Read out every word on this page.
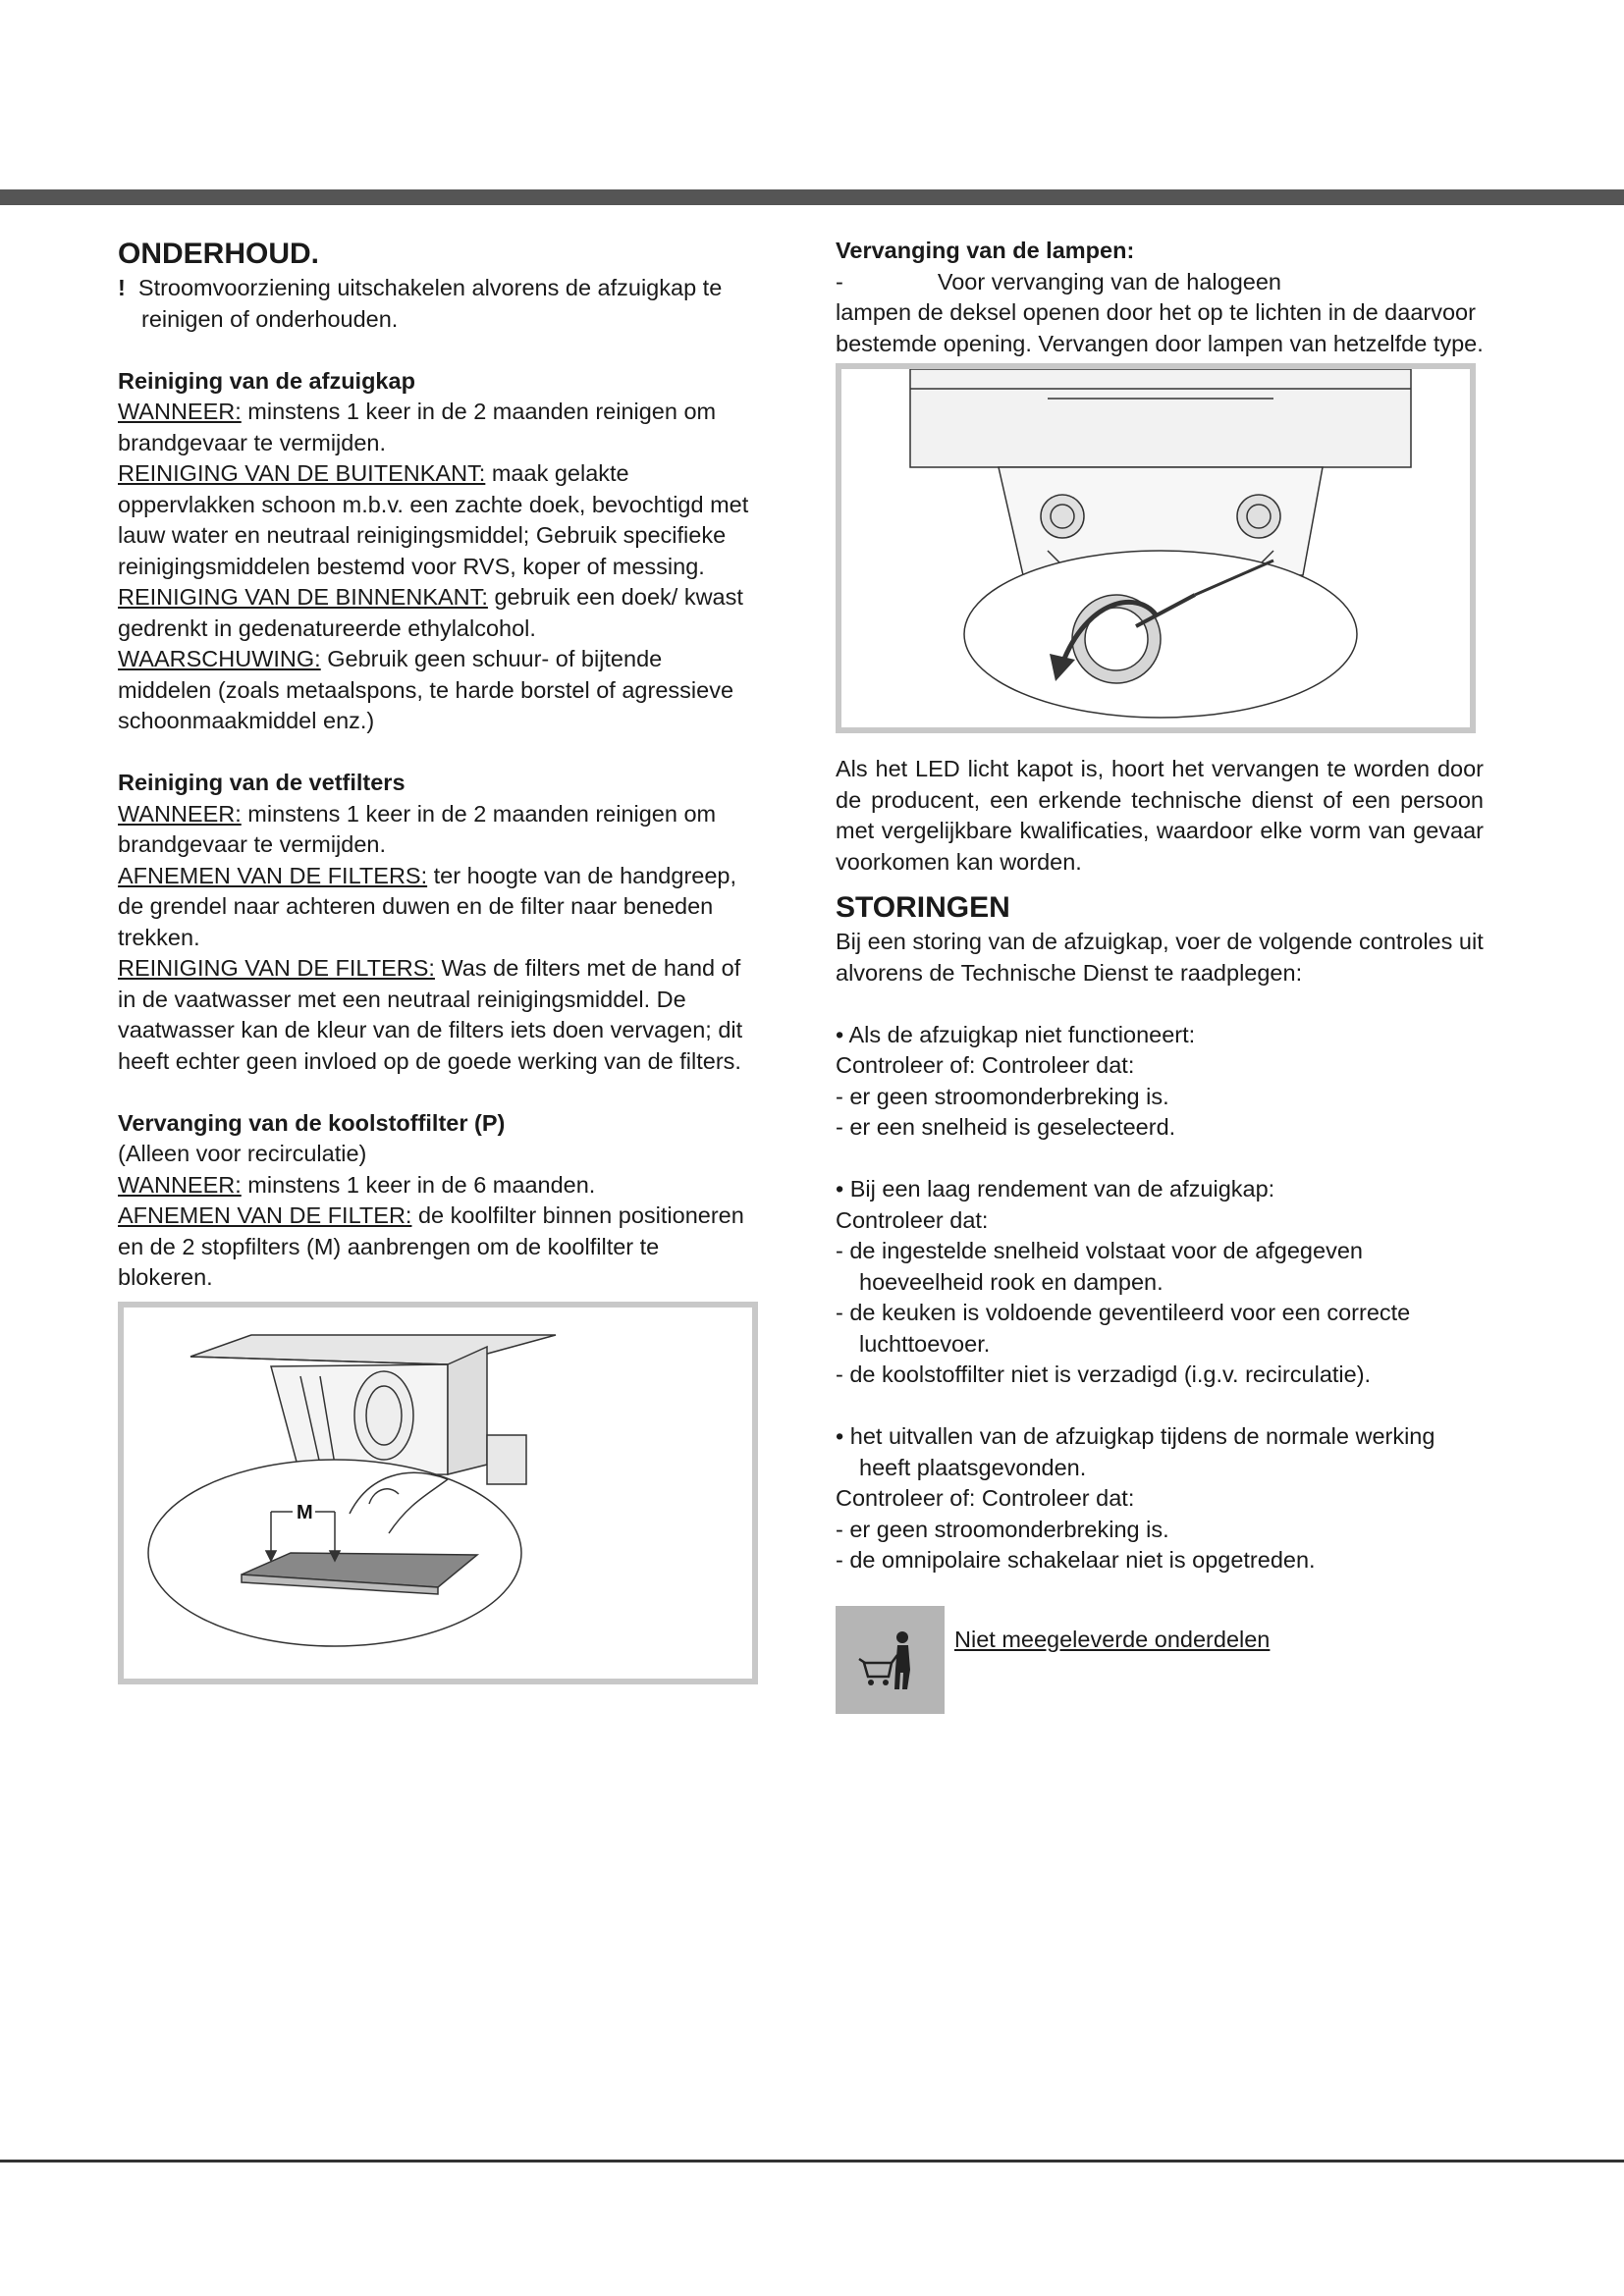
ONDERHOUD.

! Stroomvoorziening uitschakelen alvorens de afzuigkap te reinigen of onderhouden.

Reiniging van de afzuigkap

WANNEER: minstens 1 keer in de 2 maanden reinigen om brandgevaar te vermijden.

REINIGING VAN DE BUITENKANT: maak gelakte oppervlakken schoon m.b.v. een zachte doek, bevochtigd met lauw water en neutraal reinigingsmiddel; Gebruik specifieke reinigingsmiddelen bestemd voor RVS, koper of messing.

REINIGING VAN DE BINNENKANT: gebruik een doek/ kwast gedrenkt in gedenatureerde ethylalcohol.

WAARSCHUWING: Gebruik geen schuur- of bijtende middelen (zoals metaalspons, te harde borstel of agressieve schoonmaakmiddel enz.)

Reiniging van de vetfilters

WANNEER: minstens 1 keer in de 2 maanden reinigen om brandgevaar te vermijden.

AFNEMEN VAN DE FILTERS: ter hoogte van de handgreep, de grendel naar achteren duwen en de filter naar beneden trekken.

REINIGING VAN DE FILTERS: Was de filters met de hand of in de vaatwasser met een neutraal reinigingsmiddel. De vaatwasser kan de kleur van de filters iets doen vervagen; dit heeft echter geen invloed op de goede werking van de filters.

Vervanging van de koolstoffilter (P)

(Alleen voor recirculatie)

WANNEER: minstens 1 keer in de 6 maanden.

AFNEMEN VAN DE FILTER: de koolfilter binnen positioneren en de 2 stopfilters (M) aanbrengen om de koolfilter te blokeren.

M

Vervanging van de lampen:

-	Voor vervanging van de halogeen

lampen de deksel openen door het op te lichten in de daarvoor bestemde opening. Vervangen door lampen van hetzelfde type.

Als het LED licht kapot is, hoort het vervangen te worden door de producent, een erkende technische dienst of een persoon met vergelijkbare kwalificaties, waardoor elke vorm van gevaar voorkomen kan worden.

STORINGEN

Bij een storing van de afzuigkap, voer de volgende controles uit alvorens de Technische Dienst te raadplegen:

• Als de afzuigkap niet functioneert:

Controleer of: Controleer dat:

- er geen stroomonderbreking is.

- er een snelheid is geselecteerd.

• Bij een laag rendement van de afzuigkap:

Controleer dat:

- de ingestelde snelheid volstaat voor de afgegeven hoeveelheid rook en dampen.

- de keuken is voldoende geventileerd voor een correcte luchttoevoer.

- de koolstoffilter niet is verzadigd (i.g.v. recirculatie).

• het uitvallen van de afzuigkap tijdens de normale werking heeft plaatsgevonden.

Controleer of: Controleer dat:

- er geen stroomonderbreking is.

- de omnipolaire schakelaar niet is opgetreden.

Niet meegeleverde onderdelen
